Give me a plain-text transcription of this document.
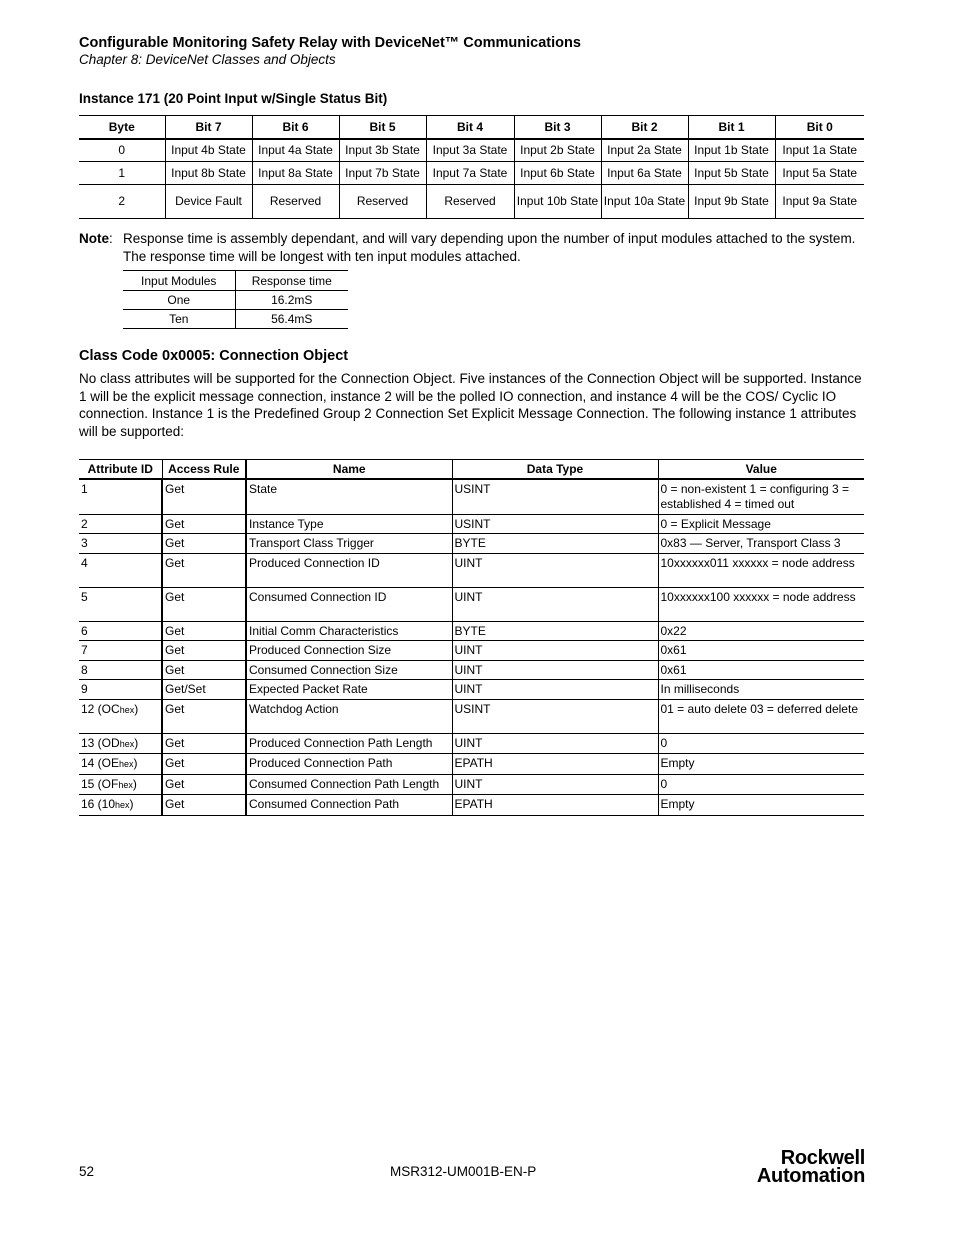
Configurable Monitoring Safety Relay with DeviceNet™ Communications
Chapter 8: DeviceNet Classes and Objects
Instance 171 (20 Point Input w/Single Status Bit)
Byte	Bit 7	Bit 6	Bit 5	Bit 4	Bit 3	Bit 2	Bit 1	Bit 0
0	Input 4b State	Input 4a State	Input 3b State	Input 3a State	Input 2b State	Input 2a State	Input 1b State	Input 1a State
1	Input 8b State	Input 8a State	Input 7b State	Input 7a State	Input 6b State	Input 6a State	Input 5b State	Input 5a State
2	Device Fault	Reserved	Reserved	Reserved	Input 10b State	Input 10a State	Input 9b State	Input 9a State
Note : Response time is assembly dependant, and will vary depending upon the number of input modules attached to the system. The response time will be longest with ten input modules attached.
Input Modules	Response time
One	16.2mS
Ten	56.4mS
Class Code 0x0005: Connection Object
No class attributes will be supported for the Connection Object. Five instances of the Connection Object will be supported. Instance 1 will be the explicit message connection, instance 2 will be the polled IO connection, and instance 4 will be the COS/ Cyclic IO connection. Instance 1 is the Predefined Group 2 Connection Set Explicit Message Connection. The following instance 1 attributes will be supported:
Attribute ID	Access Rule	Name	Data Type	Value
1	Get	State	USINT	0 = non-existent 1 = configuring 3 = established 4 = timed out
2	Get	Instance Type	USINT	0 = Explicit Message
3	Get	Transport Class Trigger	BYTE	0x83 — Server, Transport Class 3
4	Get	Produced Connection ID	UINT	10xxxxxx011 xxxxxx = node address
5	Get	Consumed Connection ID	UINT	10xxxxxx100 xxxxxx = node address
6	Get	Initial Comm Characteristics	BYTE	0x22
7	Get	Produced Connection Size	UINT	0x61
8	Get	Consumed Connection Size	UINT	0x61
9	Get/Set	Expected Packet Rate	UINT	In milliseconds
12 (OChex)	Get	Watchdog Action	USINT	01 = auto delete 03 = deferred delete
13 (ODhex)	Get	Produced Connection Path Length	UINT	0
14 (OEhex)	Get	Produced Connection Path	EPATH	Empty
15 (OFhex)	Get	Consumed Connection Path Length	UINT	0
16 (10hex)	Get	Consumed Connection Path	EPATH	Empty
52	MSR312-UM001B-EN-P
Rockwell
Automation
